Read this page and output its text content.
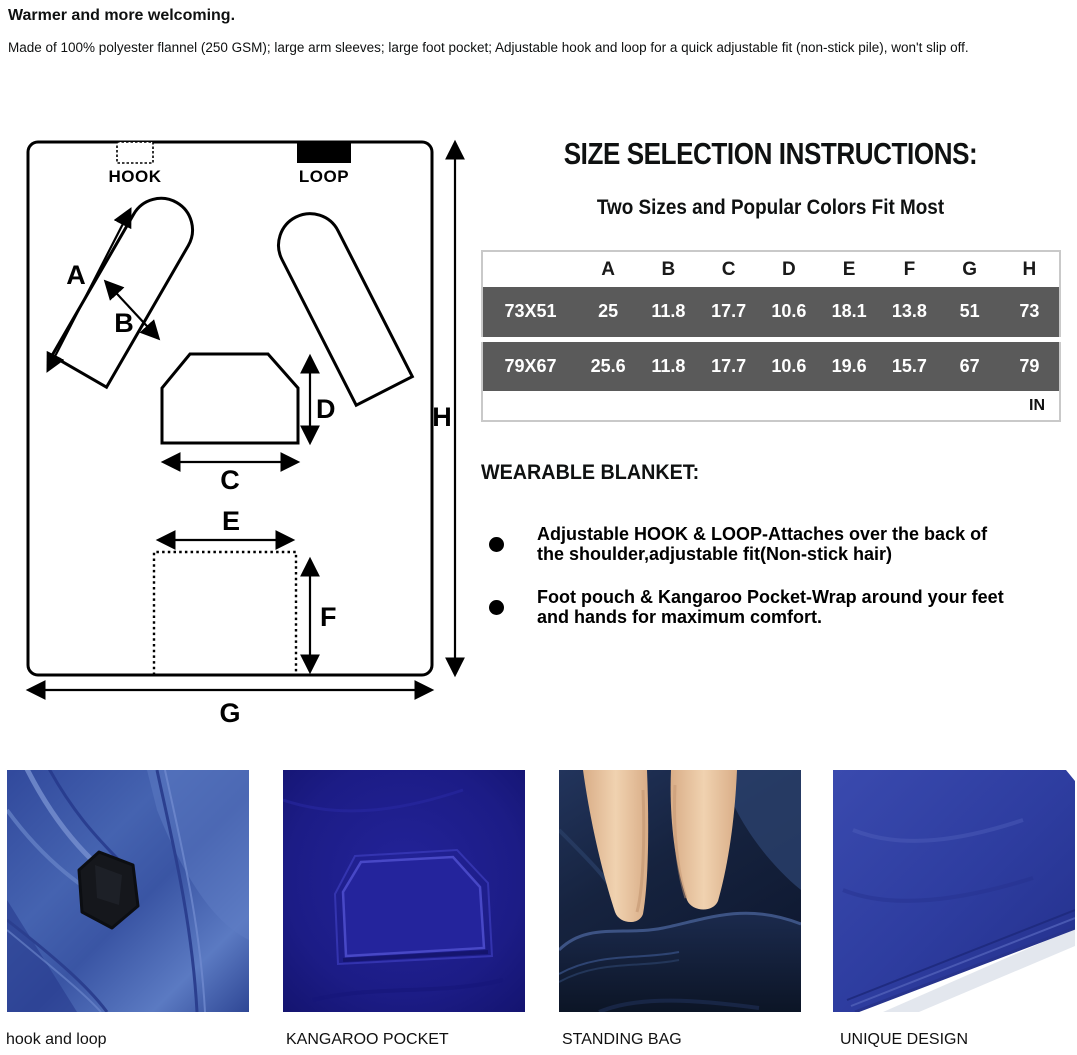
Warmer and more welcoming.
Made of 100% polyester flannel (250 GSM); large arm sleeves; large foot pocket; Adjustable hook and loop for a quick adjustable fit (non-stick pile), won't slip off.
HOOK	LOOP
A
B
C
D
E
F
G
H
SIZE SELECTION INSTRUCTIONS:
Two Sizes and Popular Colors Fit Most
	A	B	C	D	E	F	G	H
73X51	25	11.8	17.7	10.6	18.1	13.8	51	73
79X67	25.6	11.8	17.7	10.6	19.6	15.7	67	79
IN								
WEARABLE BLANKET:
Adjustable HOOK & LOOP-Attaches over the back of the shoulder,adjustable fit(Non-stick hair)
Foot pouch & Kangaroo Pocket-Wrap around your feet and hands for maximum comfort.
hook and loop	KANGAROO POCKET	STANDING BAG	UNIQUE DESIGN
